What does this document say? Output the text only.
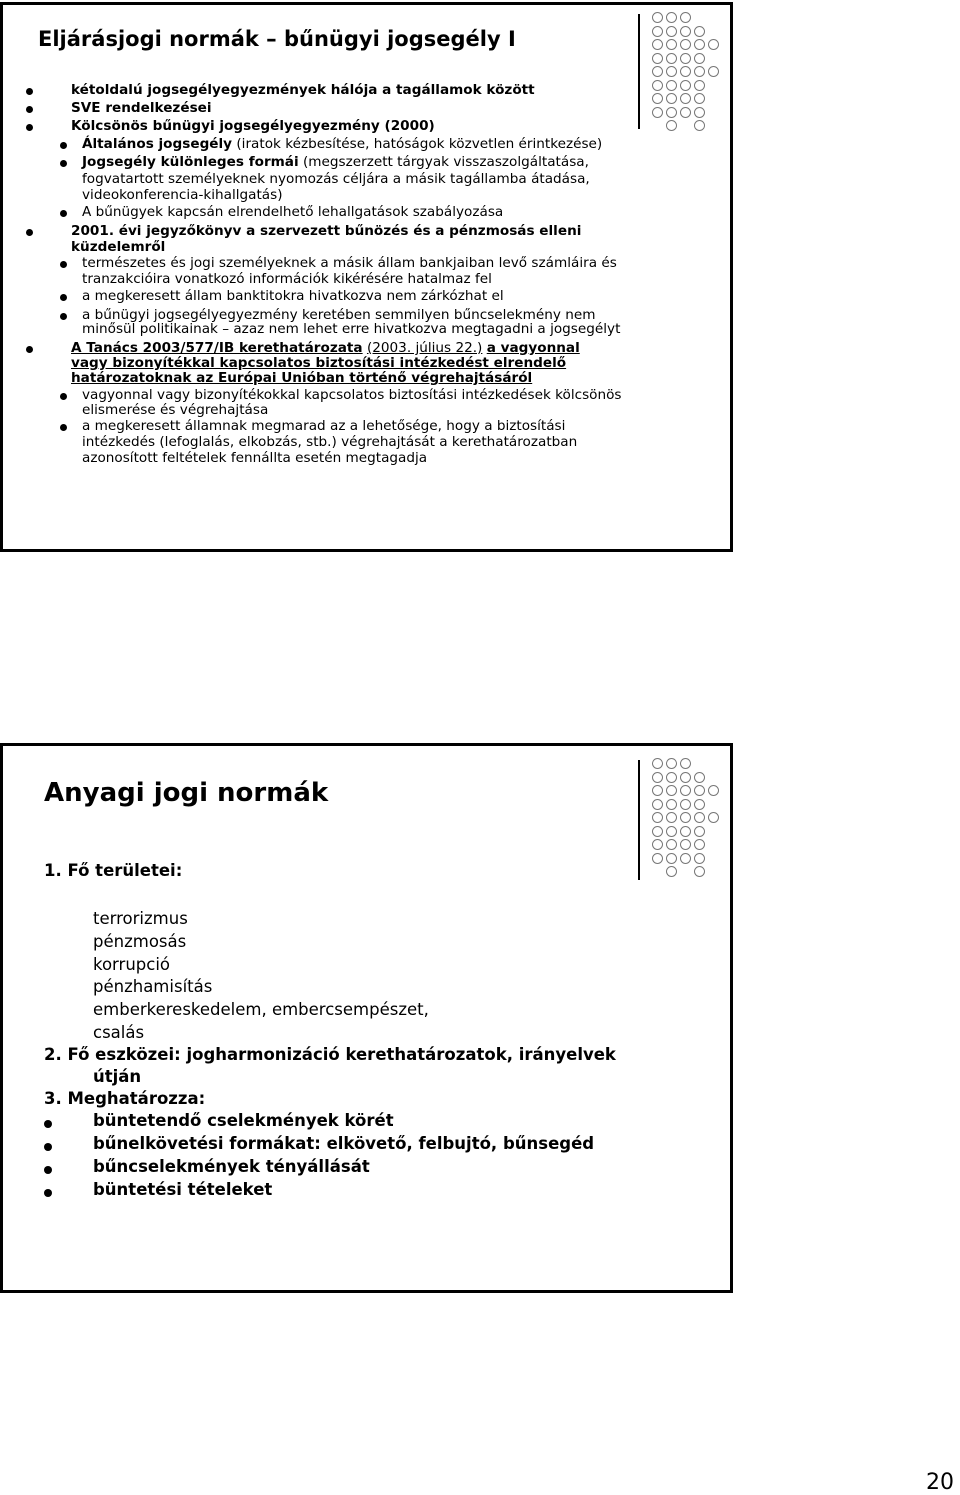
Eljárásjogi normák – bűnügyi jogsegély I
kétoldalú jogsegélyegyezmények hálója a tagállamok között
SVE rendelkezései
Kölcsönös bűnügyi jogsegélyegyezmény (2000)
Általános jogsegély (iratok kézbesítése, hatóságok közvetlen érintkezése)
Jogsegély különleges formái (megszerzett tárgyak visszaszolgáltatása,
fogvatartott személyeknek nyomozás céljára a másik tagállamba átadása,
videokonferencia-kihallgatás)
A bűnügyek kapcsán elrendelhető lehallgatások szabályozása
2001. évi jegyzőkönyv a szervezett bűnözés és a pénzmosás elleni
küzdelemről
természetes és jogi személyeknek a másik állam bankjaiban levő számláira és
tranzakcióira vonatkozó információk kikérésére hatalmaz fel
a megkeresett állam banktitokra hivatkozva nem zárkózhat el
a bűnügyi jogsegélyegyezmény keretében semmilyen bűncselekmény nem
minősül politikainak – azaz nem lehet erre hivatkozva megtagadni a jogsegélyt
A Tanács 2003/577/IB kerethatározata (2003. július 22.) a vagyonnal
vagy bizonyítékkal kapcsolatos biztosítási intézkedést elrendelő
határozatoknak az Európai Unióban történő végrehajtásáról
vagyonnal vagy bizonyítékokkal kapcsolatos biztosítási intézkedések kölcsönös
elismerése és végrehajtása
a megkeresett államnak megmarad az a lehetősége, hogy a biztosítási
intézkedés (lefoglalás, elkobzás, stb.) végrehajtását a kerethatározatban
azonosított feltételek fennállta esetén megtagadja
Anyagi jogi normák
1. Fő területei:
terrorizmus
pénzmosás
korrupció
pénzhamisítás
emberkereskedelem, embercsempészet,
csalás
2. Fő eszközei: jogharmonizáció kerethatározatok, irányelvek
útján
3. Meghatározza:
büntetendő cselekmények körét
bűnelkövetési formákat: elkövető, felbujtó, bűnsegéd
bűncselekmények tényállását
büntetési tételeket
20
